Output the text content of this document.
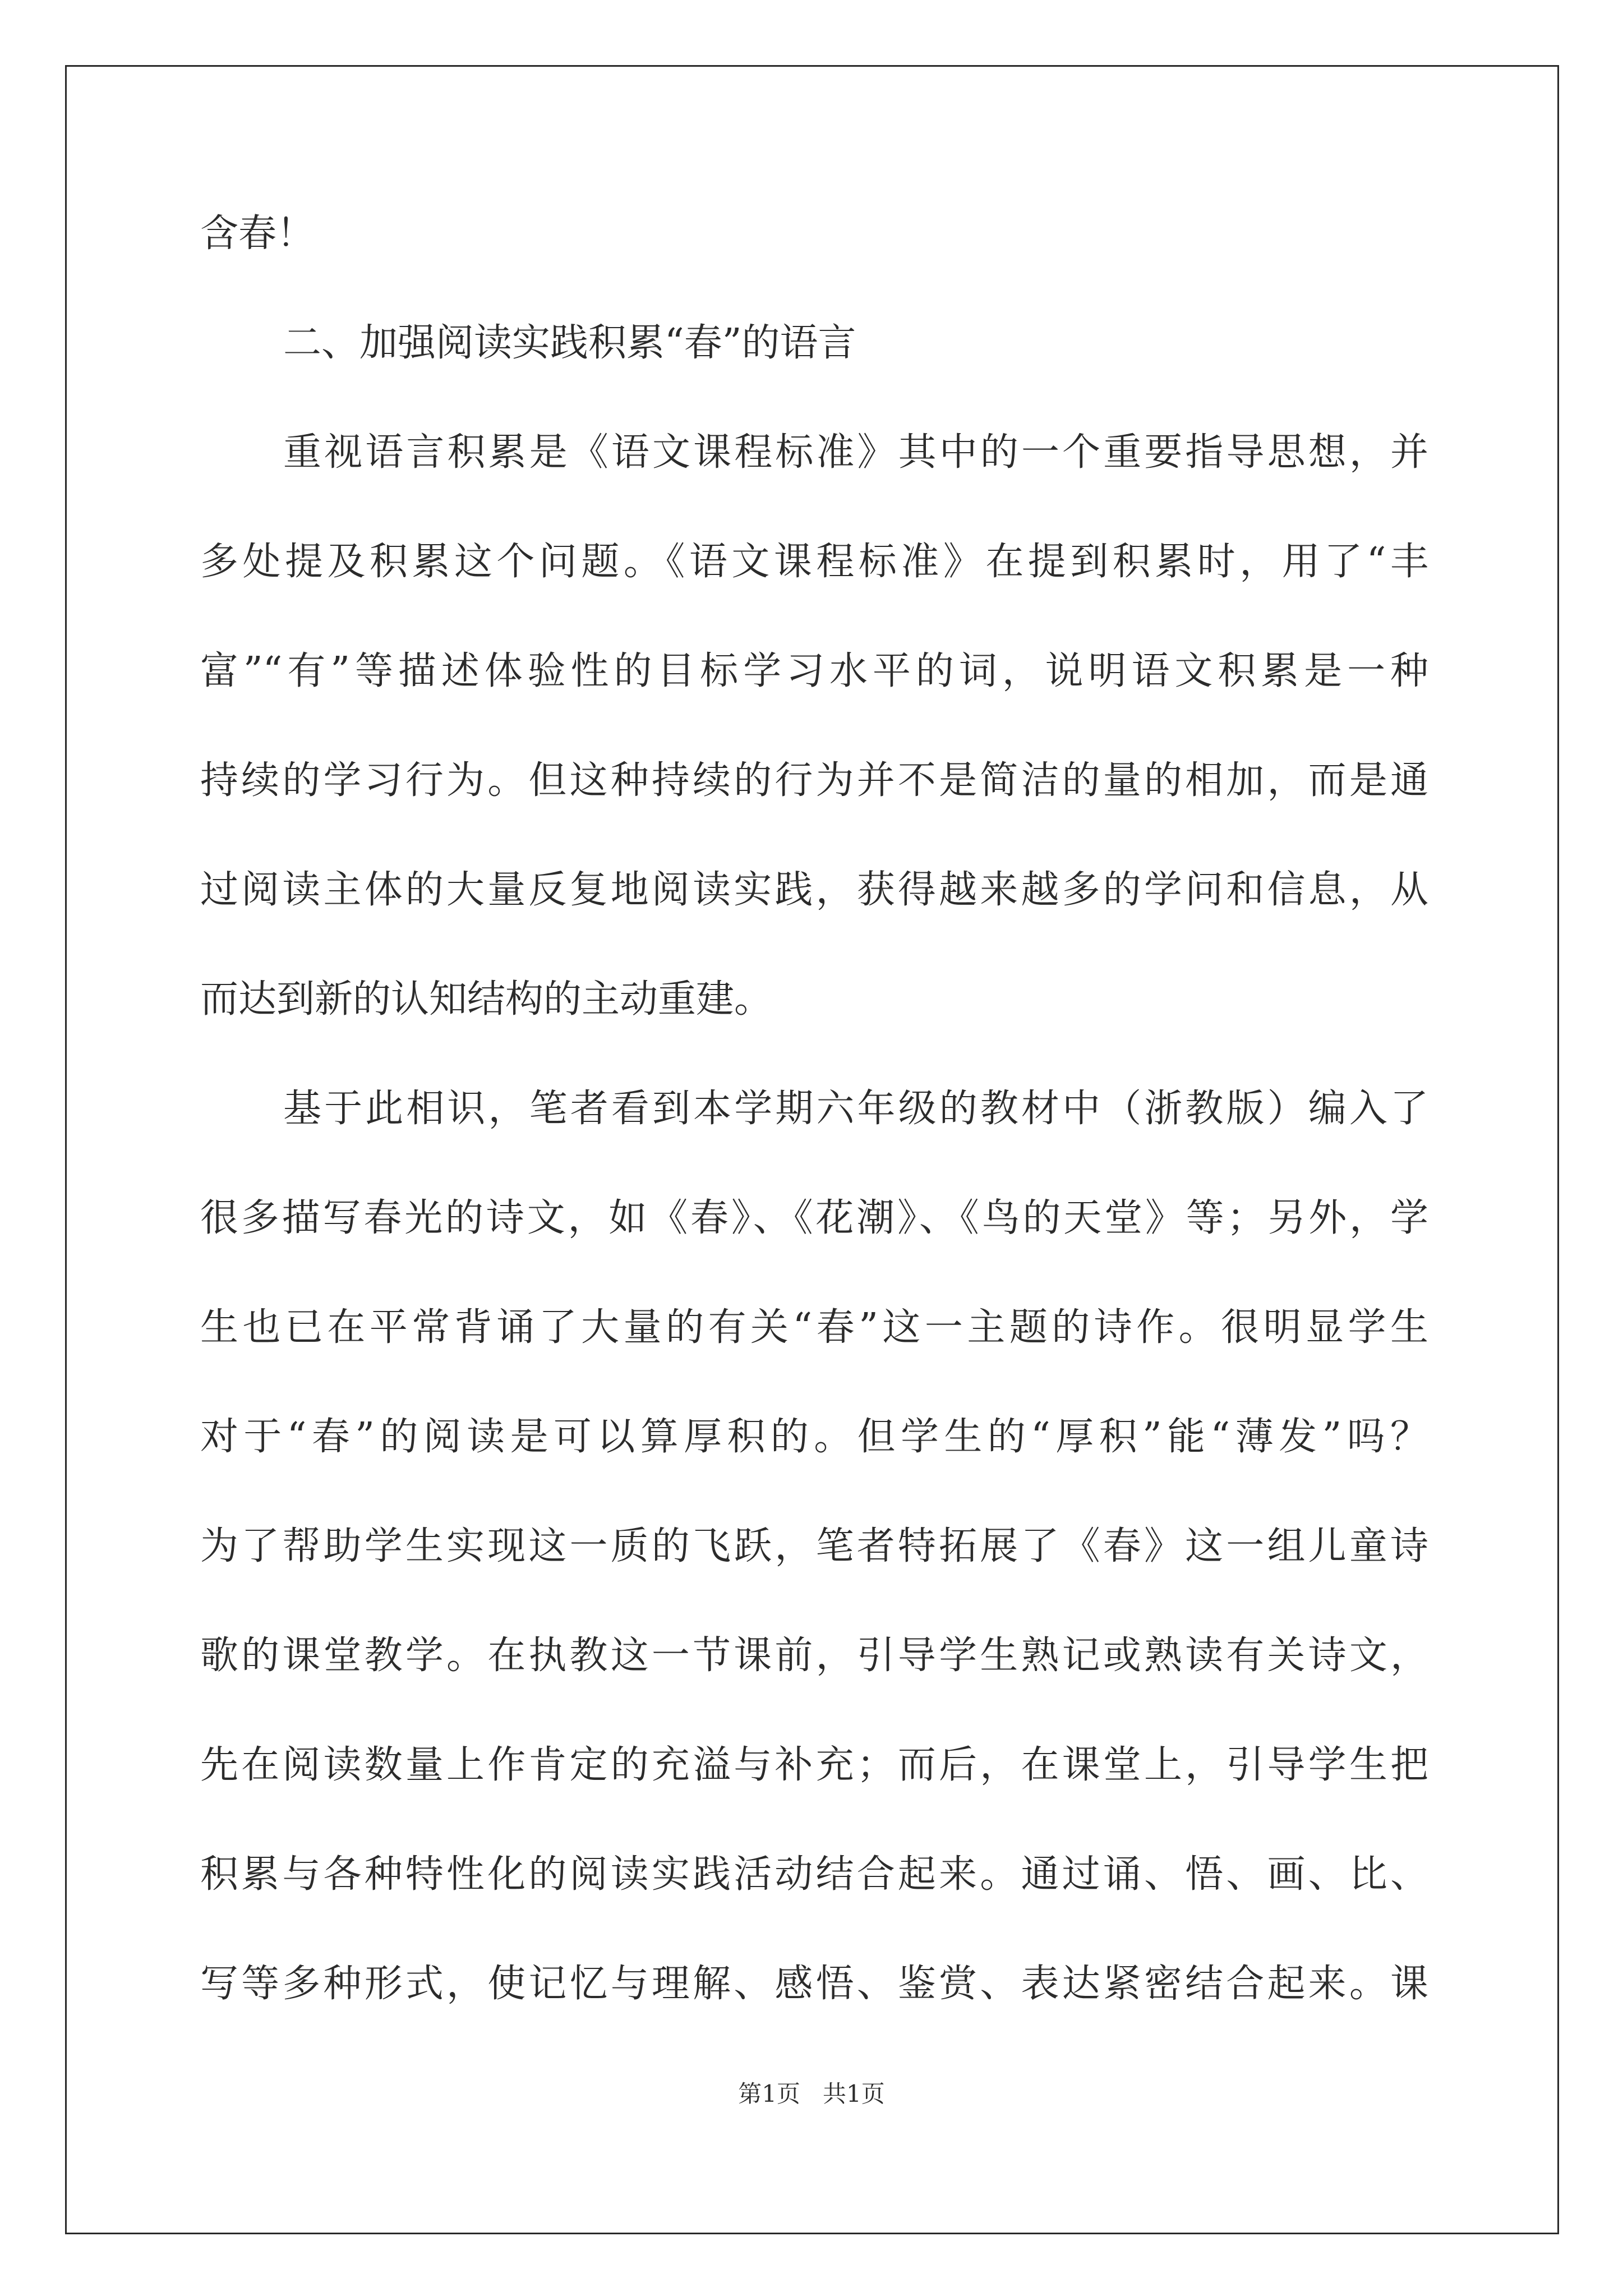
含春！
二、加强阅读实践积累“春”的语言
重视语言积累是《语文课程标准》其中的一个重要指导思想，并
多处提及积累这个问题。《语文课程标准》在提到积累时，用了“丰
富”“有”等描述体验性的目标学习水平的词，说明语文积累是一种
持续的学习行为。但这种持续的行为并不是简洁的量的相加，而是通
过阅读主体的大量反复地阅读实践，获得越来越多的学问和信息，从
而达到新的认知结构的主动重建。
基于此相识，笔者看到本学期六年级的教材中（浙教版）编入了
很多描写春光的诗文，如《春》、《花潮》、《鸟的天堂》等；另外，学
生也已在平常背诵了大量的有关“春”这一主题的诗作。很明显学生
对于“春”的阅读是可以算厚积的。但学生的“厚积”能“薄发”吗？
为了帮助学生实现这一质的飞跃，笔者特拓展了《春》这一组儿童诗
歌的课堂教学。在执教这一节课前，引导学生熟记或熟读有关诗文，
先在阅读数量上作肯定的充溢与补充；而后，在课堂上，引导学生把
积累与各种特性化的阅读实践活动结合起来。通过诵、悟、画、比、
写等多种形式，使记忆与理解、感悟、鉴赏、表达紧密结合起来。课
第1页   共1页
